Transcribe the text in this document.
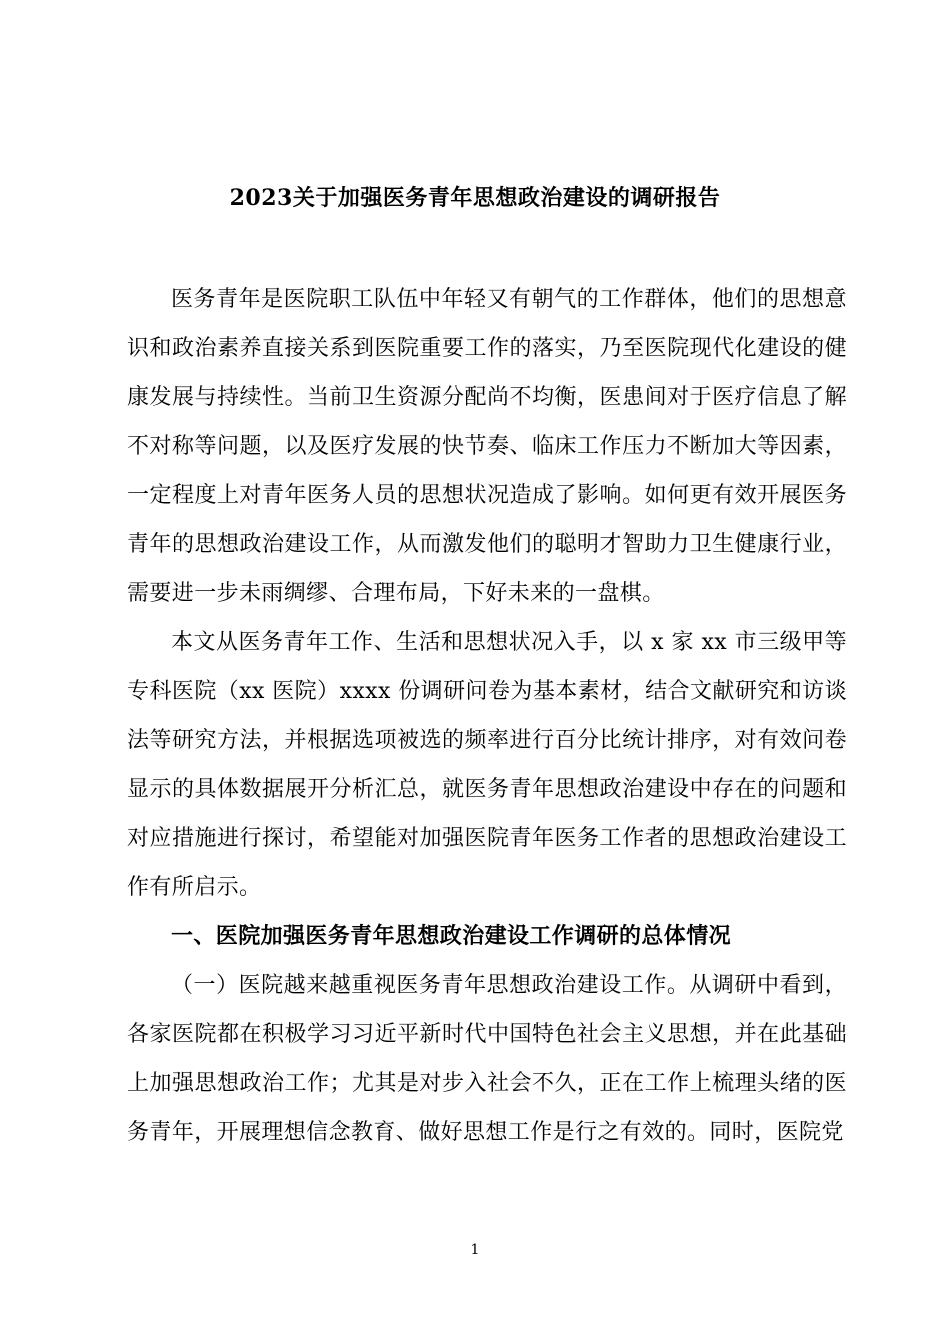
2023关于加强医务青年思想政治建设的调研报告

医务青年是医院职工队伍中年轻又有朝气的工作群体，他们的思想意识和政治素养直接关系到医院重要工作的落实，乃至医院现代化建设的健康发展与持续性。当前卫生资源分配尚不均衡，医患间对于医疗信息了解不对称等问题，以及医疗发展的快节奏、临床工作压力不断加大等因素，一定程度上对青年医务人员的思想状况造成了影响。如何更有效开展医务青年的思想政治建设工作，从而激发他们的聪明才智助力卫生健康行业，需要进一步未雨绸缪、合理布局，下好未来的一盘棋。

本文从医务青年工作、生活和思想状况入手，以 x 家 xx 市三级甲等专科医院（xx 医院）xxxx 份调研问卷为基本素材，结合文献研究和访谈法等研究方法，并根据选项被选的频率进行百分比统计排序，对有效问卷显示的具体数据展开分析汇总，就医务青年思想政治建设中存在的问题和对应措施进行探讨，希望能对加强医院青年医务工作者的思想政治建设工作有所启示。

一、医院加强医务青年思想政治建设工作调研的总体情况

（一）医院越来越重视医务青年思想政治建设工作。从调研中看到，各家医院都在积极学习习近平新时代中国特色社会主义思想，并在此基础上加强思想政治工作；尤其是对步入社会不久，正在工作上梳理头绪的医务青年，开展理想信念教育、做好思想工作是行之有效的。同时，医院党

1
